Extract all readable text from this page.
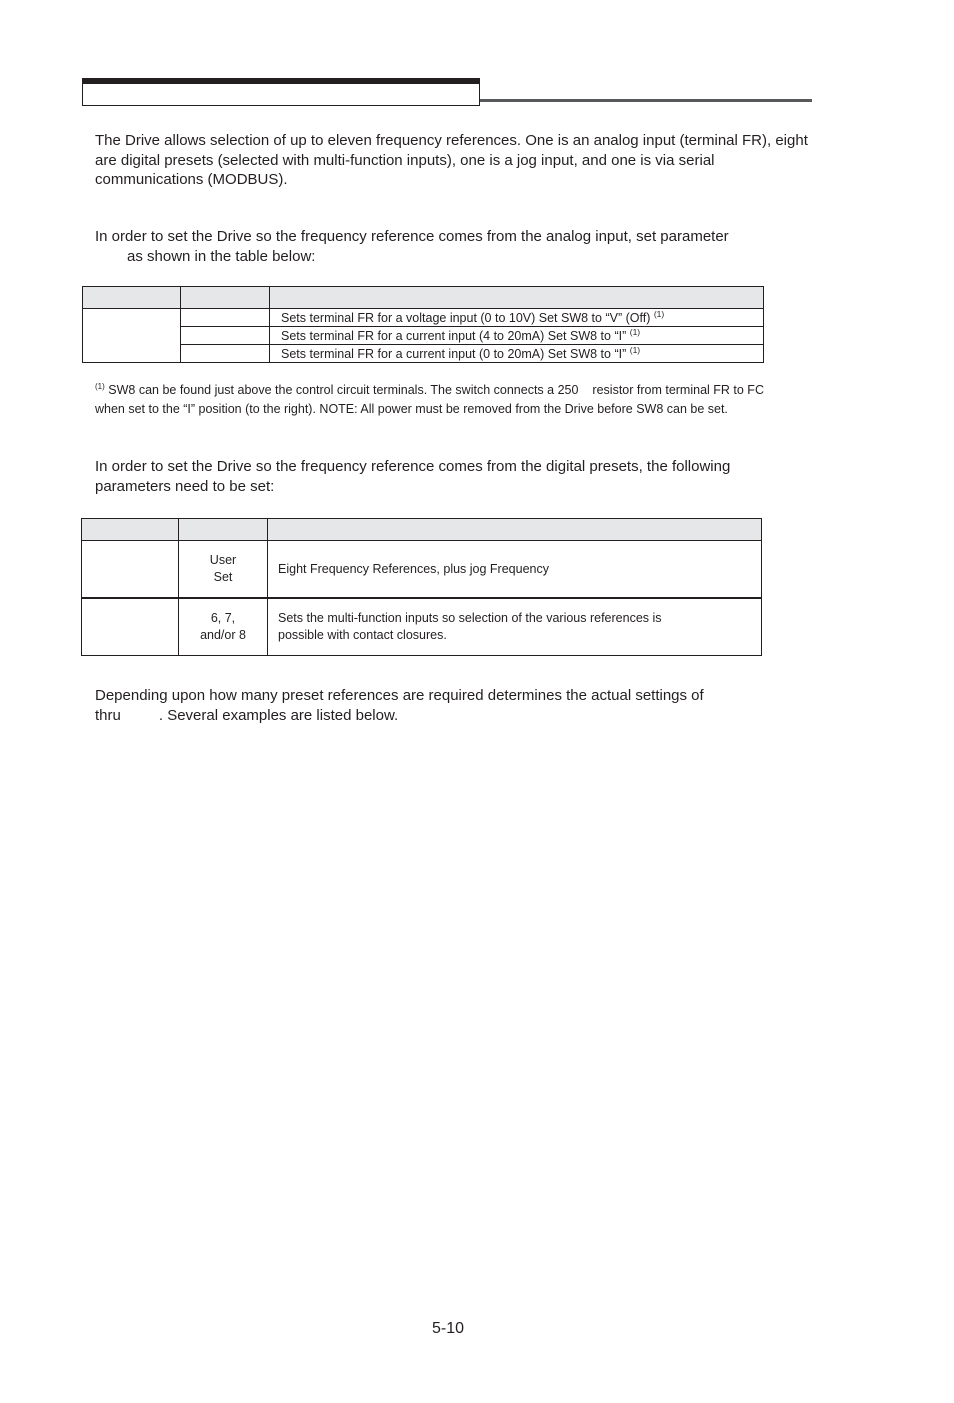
The Drive allows selection of up to eleven frequency references. One is an analog input (terminal FR), eight are digital presets (selected with multi-function inputs), one is a jog input, and one is via serial communications (MODBUS).

In order to set the Drive so the frequency reference comes from the analog input, set parameter
as shown in the table below:

		Sets terminal FR for a voltage input (0 to 10V) Set SW8 to “V” (Off) $^{(1)}$
		Sets terminal FR for a current input (4 to 20mA) Set SW8 to “I” $^{(1)}$
		Sets terminal FR for a current input (0 to 20mA) Set SW8 to “I” $^{(1)}$

$^{(1)}$ SW8 can be found just above the control circuit terminals. The switch connects a 250 resistor from terminal FR to FC
when set to the “I” position (to the right). NOTE: All power must be removed from the Drive before SW8 can be set.

In order to set the Drive so the frequency reference comes from the digital presets, the following parameters need to be set:

	User
Set	Eight Frequency References, plus jog Frequency
	6, 7,
and/or 8	Sets the multi-function inputs so selection of the various references is
possible with contact closures.

Depending upon how many preset references are required determines the actual settings of
thru	. Several examples are listed below.

5-10
